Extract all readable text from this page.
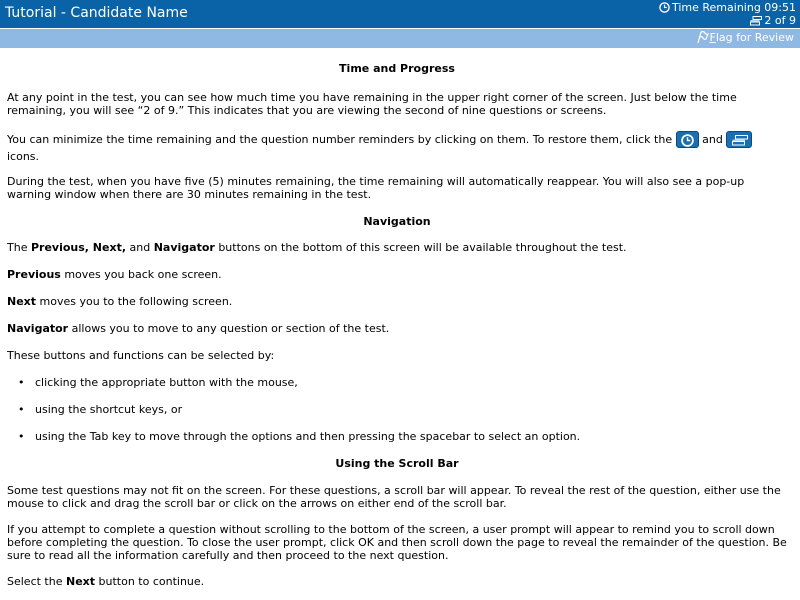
Tutorial - Candidate Name	Time Remaining 09:51
2 of 9
Flag for Review
Time and Progress

At any point in the test, you can see how much time you have remaining in the upper right corner of the screen. Just below the time remaining, you will see “2 of 9.” This indicates that you are viewing the second of nine questions or screens.

You can minimize the time remaining and the question number reminders by clicking on them. To restore them, click the	and
icons.

During the test, when you have five (5) minutes remaining, the time remaining will automatically reappear. You will also see a pop-up warning window when there are 30 minutes remaining in the test.

Navigation

The Previous, Next, and Navigator buttons on the bottom of this screen will be available throughout the test.

Previous moves you back one screen.

Next moves you to the following screen.

Navigator allows you to move to any question or section of the test.

These buttons and functions can be selected by:

• clicking the appropriate button with the mouse,
• using the shortcut keys, or
• using the Tab key to move through the options and then pressing the spacebar to select an option.
Using the Scroll Bar

Some test questions may not fit on the screen. For these questions, a scroll bar will appear. To reveal the rest of the question, either use the mouse to click and drag the scroll bar or click on the arrows on either end of the scroll bar.

If you attempt to complete a question without scrolling to the bottom of the screen, a user prompt will appear to remind you to scroll down before completing the question. To close the user prompt, click OK and then scroll down the page to reveal the remainder of the question. Be sure to read all the information carefully and then proceed to the next question.

Select the Next button to continue.
